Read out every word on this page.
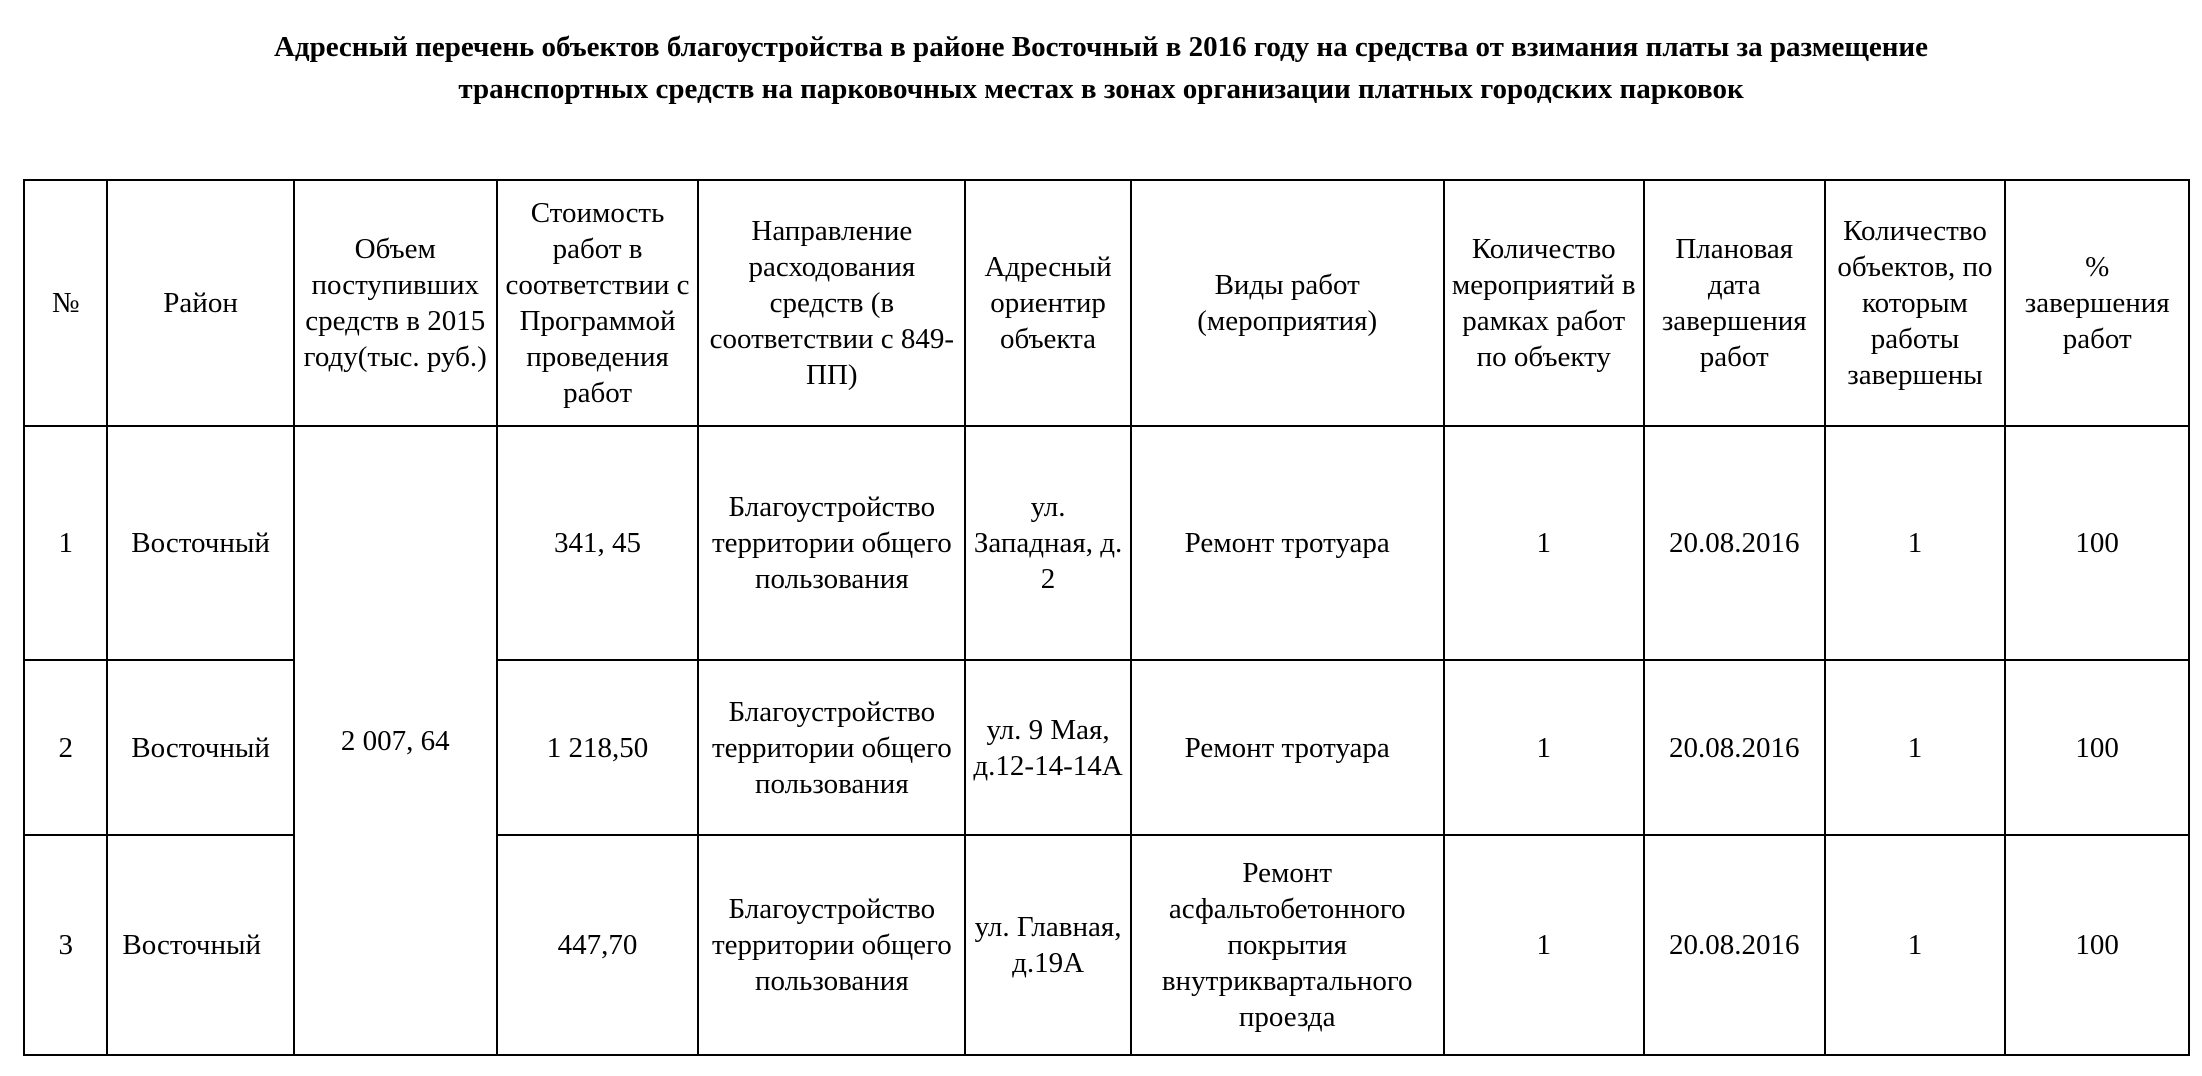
Адресный перечень объектов благоустройства в районе Восточный в 2016 году на средства от взимания платы за размещение
транспортных средств на парковочных местах в зонах организации платных городских парковок
№	Район	Объем поступивших средств в 2015 году(тыс. руб.)	Стоимость работ в соответствии с Программой проведения работ	Направление расходования средств (в соответствии с 849-ПП)	Адресный ориентир объекта	Виды работ (мероприятия)	Количество мероприятий в рамках работ по объекту	Плановая дата завершения работ	Количество объектов, по которым работы завершены	% завершения работ
1	Восточный	2 007, 64	341, 45	Благоустройство территории общего пользования	ул. Западная, д. 2	Ремонт тротуара	1	20.08.2016	1	100
2	Восточный		1 218,50	Благоустройство территории общего пользования	ул. 9 Мая, д.12-14-14А	Ремонт тротуара	1	20.08.2016	1	100
3	Восточный		447,70	Благоустройство территории общего пользования	ул. Главная, д.19А	Ремонт асфальтобетонного покрытия внутриквартального проезда	1	20.08.2016	1	100
